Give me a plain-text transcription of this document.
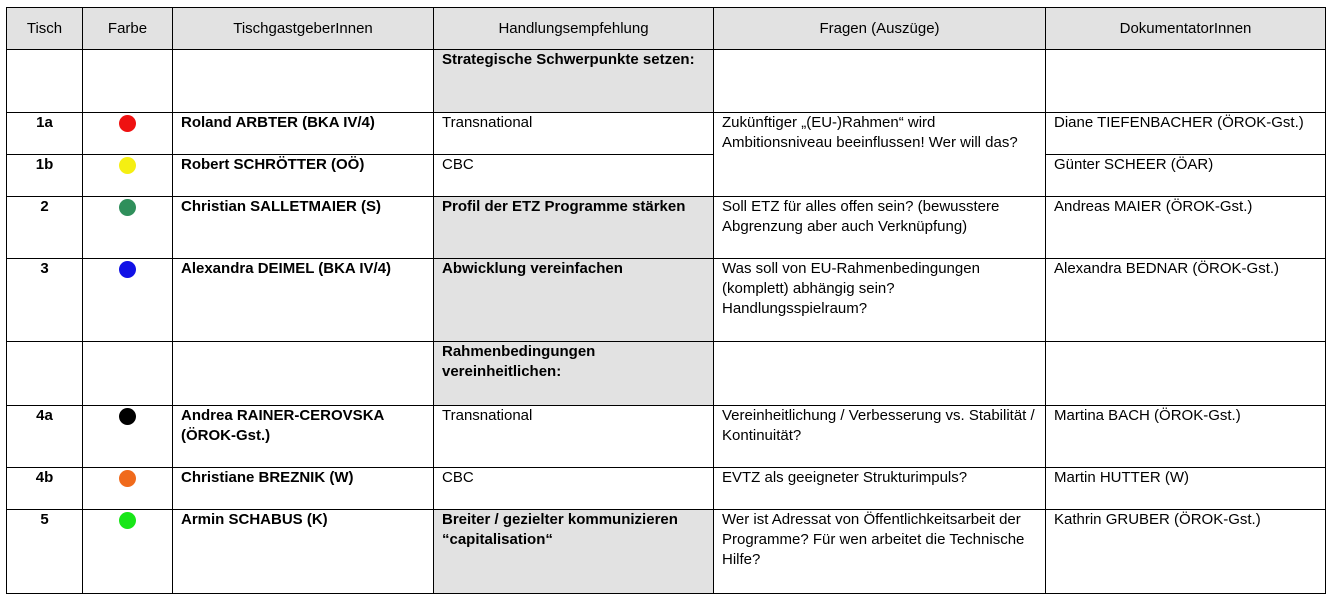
Tisch	Farbe	TischgastgeberInnen	Handlungsempfehlung	Fragen (Auszüge)	DokumentatorInnen
			Strategische Schwerpunkte setzen:		
1a		Roland ARBTER (BKA IV/4)	Transnational	Zukünftiger „(EU-)Rahmen“ wird Ambitionsniveau beeinflussen! Wer will das?	Diane TIEFENBACHER (ÖROK-Gst.)
1b		Robert SCHRÖTTER (OÖ)	CBC		Günter SCHEER (ÖAR)
2		Christian SALLETMAIER (S)	Profil der ETZ Programme stärken	Soll ETZ für alles offen sein? (bewusstere Abgrenzung aber auch Verknüpfung)	Andreas MAIER (ÖROK-Gst.)
3		Alexandra DEIMEL (BKA IV/4)	Abwicklung vereinfachen	Was soll von EU-Rahmenbedingungen (komplett) abhängig sein? Handlungsspielraum?	Alexandra BEDNAR (ÖROK-Gst.)
			Rahmenbedingungen vereinheitlichen:		
4a		Andrea RAINER-CEROVSKA (ÖROK-Gst.)	Transnational	Vereinheitlichung / Verbesserung vs. Stabilität / Kontinuität?	Martina BACH (ÖROK-Gst.)
4b		Christiane BREZNIK (W)	CBC	EVTZ als geeigneter Strukturimpuls?	Martin HUTTER (W)
5		Armin SCHABUS (K)	Breiter / gezielter kommunizieren “capitalisation“	Wer ist Adressat von Öffentlichkeitsarbeit der Programme? Für wen arbeitet die Technische Hilfe?	Kathrin GRUBER (ÖROK-Gst.)
